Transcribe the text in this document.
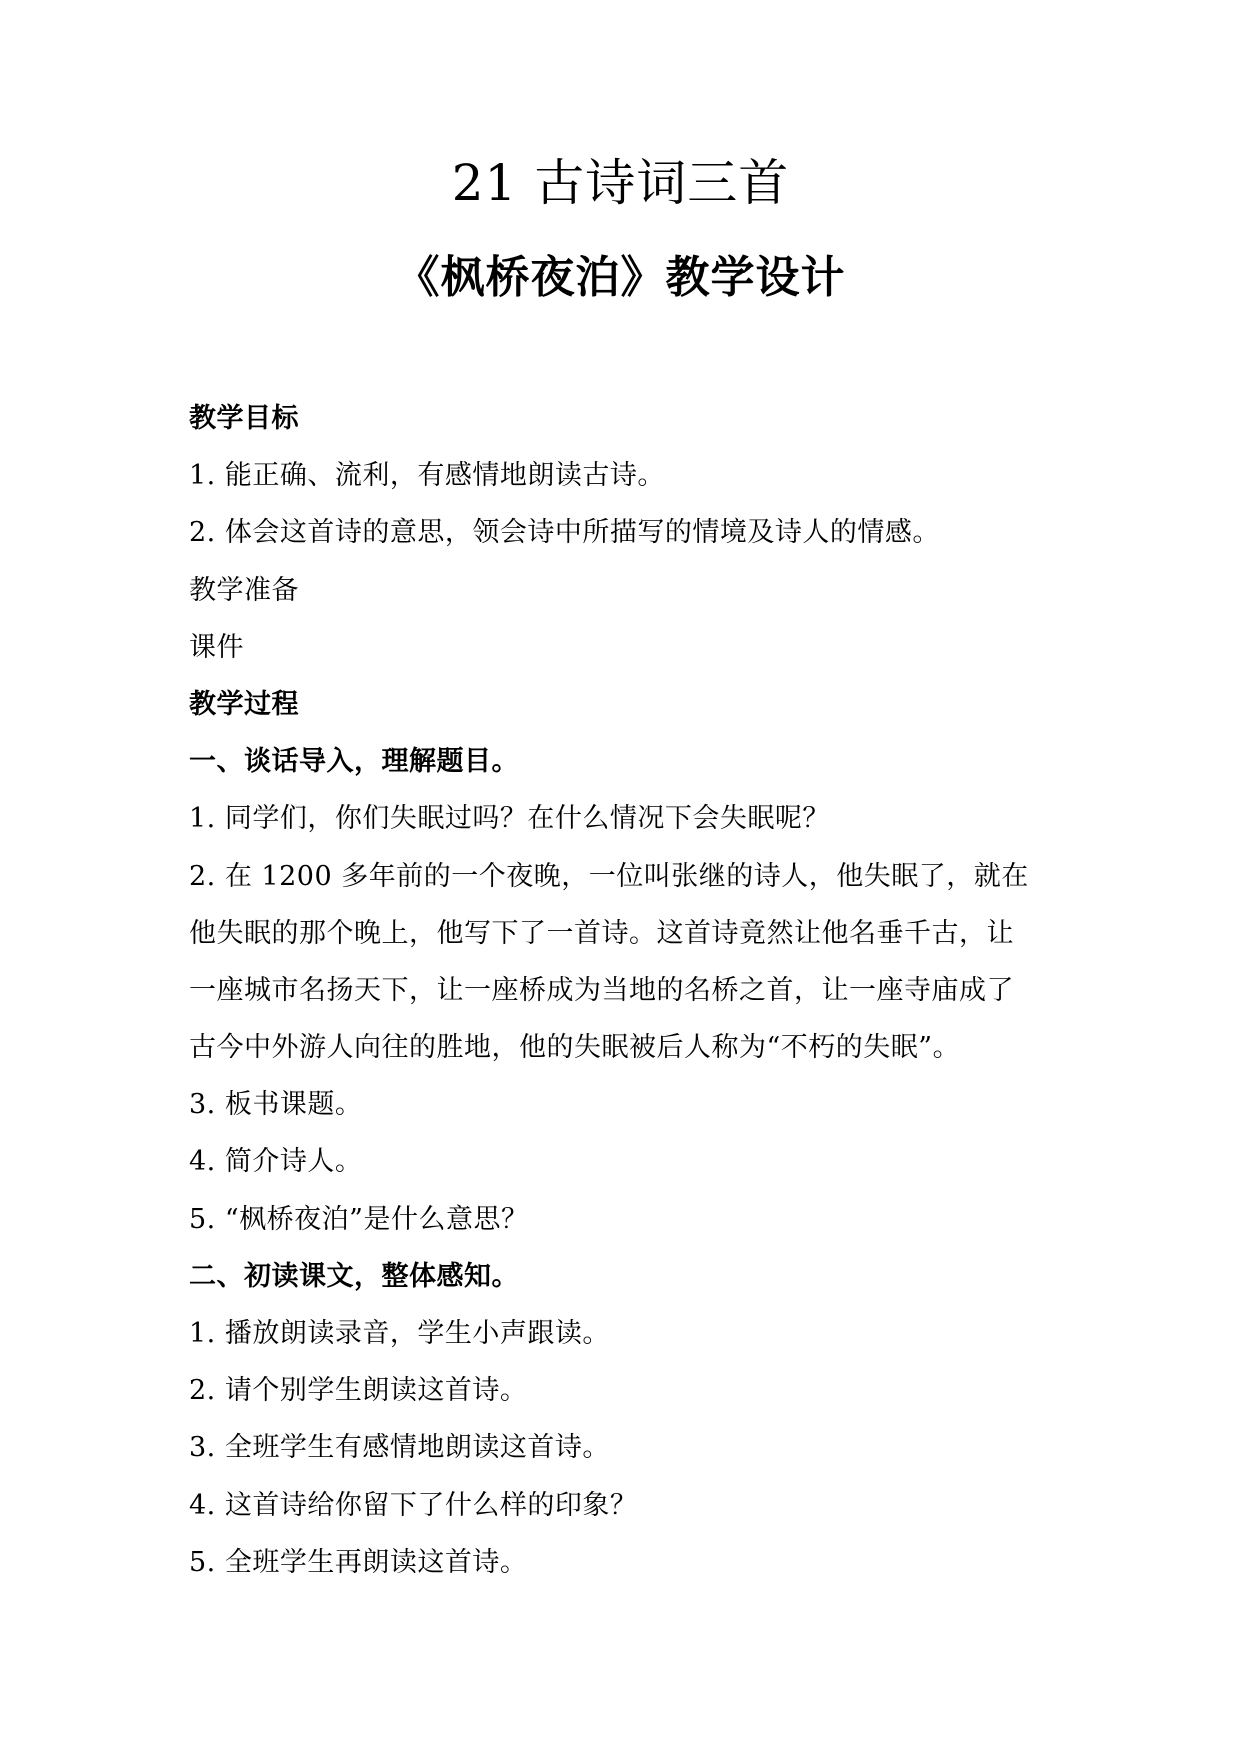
21 古诗词三首
《枫桥夜泊》教学设计
教学目标
1. 能正确、流利，有感情地朗读古诗。
2. 体会这首诗的意思，领会诗中所描写的情境及诗人的情感。
教学准备
课件
教学过程
一、谈话导入，理解题目。
1. 同学们，你们失眠过吗？在什么情况下会失眠呢？
2. 在 1200 多年前的一个夜晚，一位叫张继的诗人，他失眠了，就在
他失眠的那个晚上，他写下了一首诗。这首诗竟然让他名垂千古，让
一座城市名扬天下，让一座桥成为当地的名桥之首，让一座寺庙成了
古今中外游人向往的胜地，他的失眠被后人称为“不朽的失眠”。
3. 板书课题。
4. 简介诗人。
5. “枫桥夜泊”是什么意思？
二、初读课文，整体感知。
1. 播放朗读录音，学生小声跟读。
2. 请个别学生朗读这首诗。
3. 全班学生有感情地朗读这首诗。
4. 这首诗给你留下了什么样的印象？
5. 全班学生再朗读这首诗。
